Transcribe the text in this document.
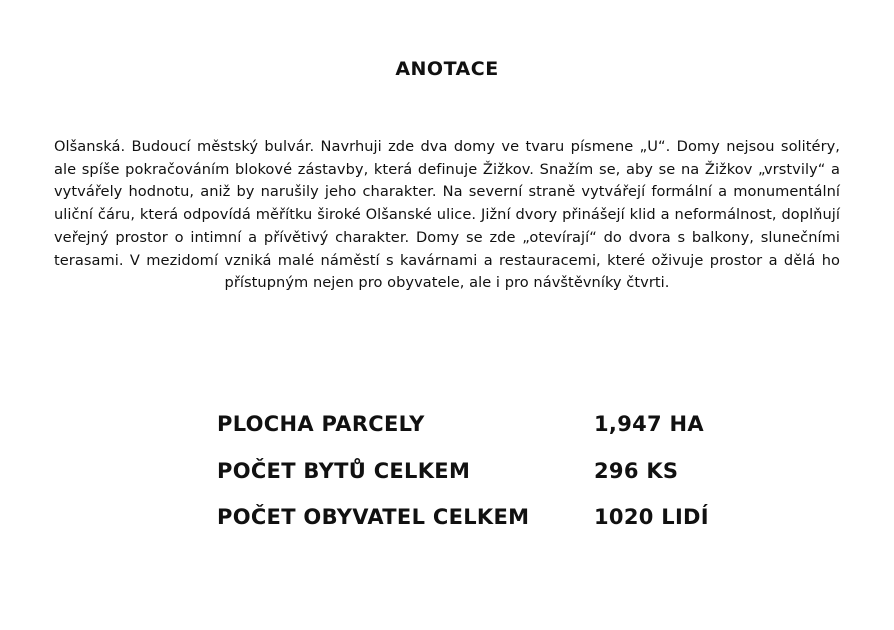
ANOTACE

Olšanská. Budoucí městský bulvár. Navrhuji zde dva domy ve tvaru písmene „U“. Domy nejsou solitéry, ale spíše pokračováním blokové zástavby, která definuje Žižkov. Snažím se, aby se na Žižkov „vrstvily“ a vytvářely hodnotu, aniž by narušily jeho charakter. Na severní straně vytvářejí formální a monumentální uliční čáru, která odpovídá měřítku široké Olšanské ulice. Jižní dvory přinášejí klid a neformálnost, doplňují veřejný prostor o intimní a přívětivý charakter. Domy se zde „otevírají“ do dvora s balkony, slunečními terasami. V mezidomí vzniká malé náměstí s kavárnami a restauracemi, které oživuje prostor a dělá ho přístupným nejen pro obyvatele, ale i pro návštěvníky čtvrti.

PLOCHA PARCELY	1,947 HA
POČET BYTŮ CELKEM	296 KS
POČET OBYVATEL CELKEM	1020 LIDÍ
